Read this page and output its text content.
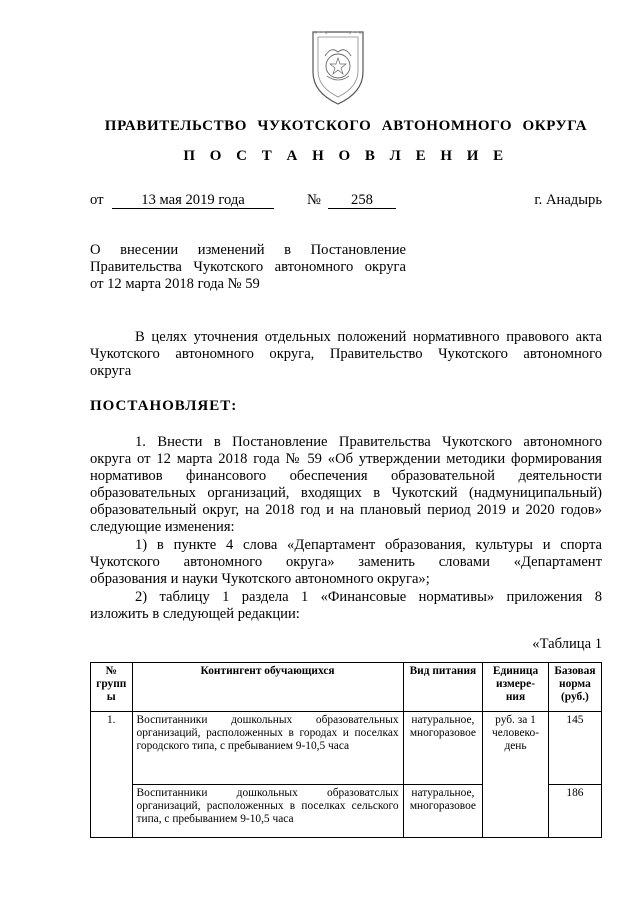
ПРАВИТЕЛЬСТВО ЧУКОТСКОГО АВТОНОМНОГО ОКРУГА
П О С Т А Н О В Л Е Н И Е
от	13 мая 2019 года	№	258	г. Анадырь
О внесении изменений в Постановление
Правительства Чукотского автономного округа
от 12 марта 2018 года № 59
В целях уточнения отдельных положений нормативного правового акта
Чукотского автономного округа, Правительство Чукотского автономного
округа
ПОСТАНОВЛЯЕТ:
1. Внести в Постановление Правительства Чукотского автономного
округа от 12 марта 2018 года № 59 «Об утверждении методики формирования
нормативов финансового обеспечения образовательной деятельности
образовательных организаций, входящих в Чукотский (надмуниципальный)
образовательный округ, на 2018 год и на плановый период 2019 и 2020 годов»
следующие изменения:
1) в пункте 4 слова «Департамент образования, культуры и спорта
Чукотского автономного округа» заменить словами «Департамент
образования и науки Чукотского автономного округа»;
2) таблицу 1 раздела 1 «Финансовые нормативы» приложения 8
изложить в следующей редакции:
«Таблица 1
№ групп ы	Контингент обучающихся	Вид питания	Единица измере-ния	Базовая норма (руб.)
1.	Воспитанники дошкольных образовательных организаций, расположенных в городах и поселках городского типа, с пребыванием 9-10,5 часа	натуральное, многоразовое	руб. за 1 человеко-день	145
	Воспитанники дошкольных образоватслых организаций, расположенных в поселках сельского типа, с пребыванием 9-10,5 часа	натуральное, многоразовое		186
